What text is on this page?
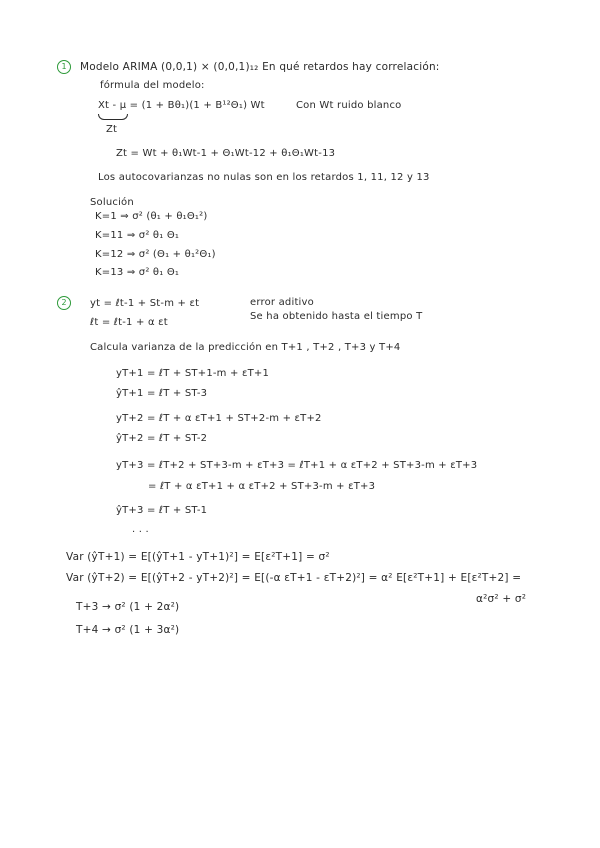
1	Modelo ARIMA (0,0,1) × (0,0,1)₁₂ En qué retardos hay correlación:
fórmula del modelo:
Xt - μ = (1 + Bθ₁)(1 + B¹²Θ₁) Wt	Con Wt ruido blanco
Zt
Zt = Wt + θ₁Wt-1 + Θ₁Wt-12 + θ₁Θ₁Wt-13
Los autocovarianzas no nulas son en los retardos 1, 11, 12 y 13
Solución
K=1 ⇒ σ² (θ₁ + θ₁Θ₁²)
K=11 ⇒ σ² θ₁ Θ₁
K=12 ⇒ σ² (Θ₁ + θ₁²Θ₁)
K=13 ⇒ σ² θ₁ Θ₁
2	yt = ℓt-1 + St-m + εt
ℓt = ℓt-1 + α εt
error aditivo
Se ha obtenido hasta el tiempo T
Calcula varianza de la predicción en T+1 , T+2 , T+3 y T+4
yT+1 = ℓT + ST+1-m + εT+1
ŷT+1 = ℓT + ST-3
yT+2 = ℓT + α εT+1 + ST+2-m + εT+2
ŷT+2 = ℓT + ST-2
yT+3 = ℓT+2 + ST+3-m + εT+3 = ℓT+1 + α εT+2 + ST+3-m + εT+3
= ℓT + α εT+1 + α εT+2 + ST+3-m + εT+3
ŷT+3 = ℓT + ST-1
· · ·
Var (ŷT+1) = E[(ŷT+1 - yT+1)²] = E[ε²T+1] = σ²
Var (ŷT+2) = E[(ŷT+2 - yT+2)²] = E[(-α εT+1 - εT+2)²] = α² E[ε²T+1] + E[ε²T+2] =
α²σ² + σ²
T+3 → σ² (1 + 2α²)
T+4 → σ² (1 + 3α²)
